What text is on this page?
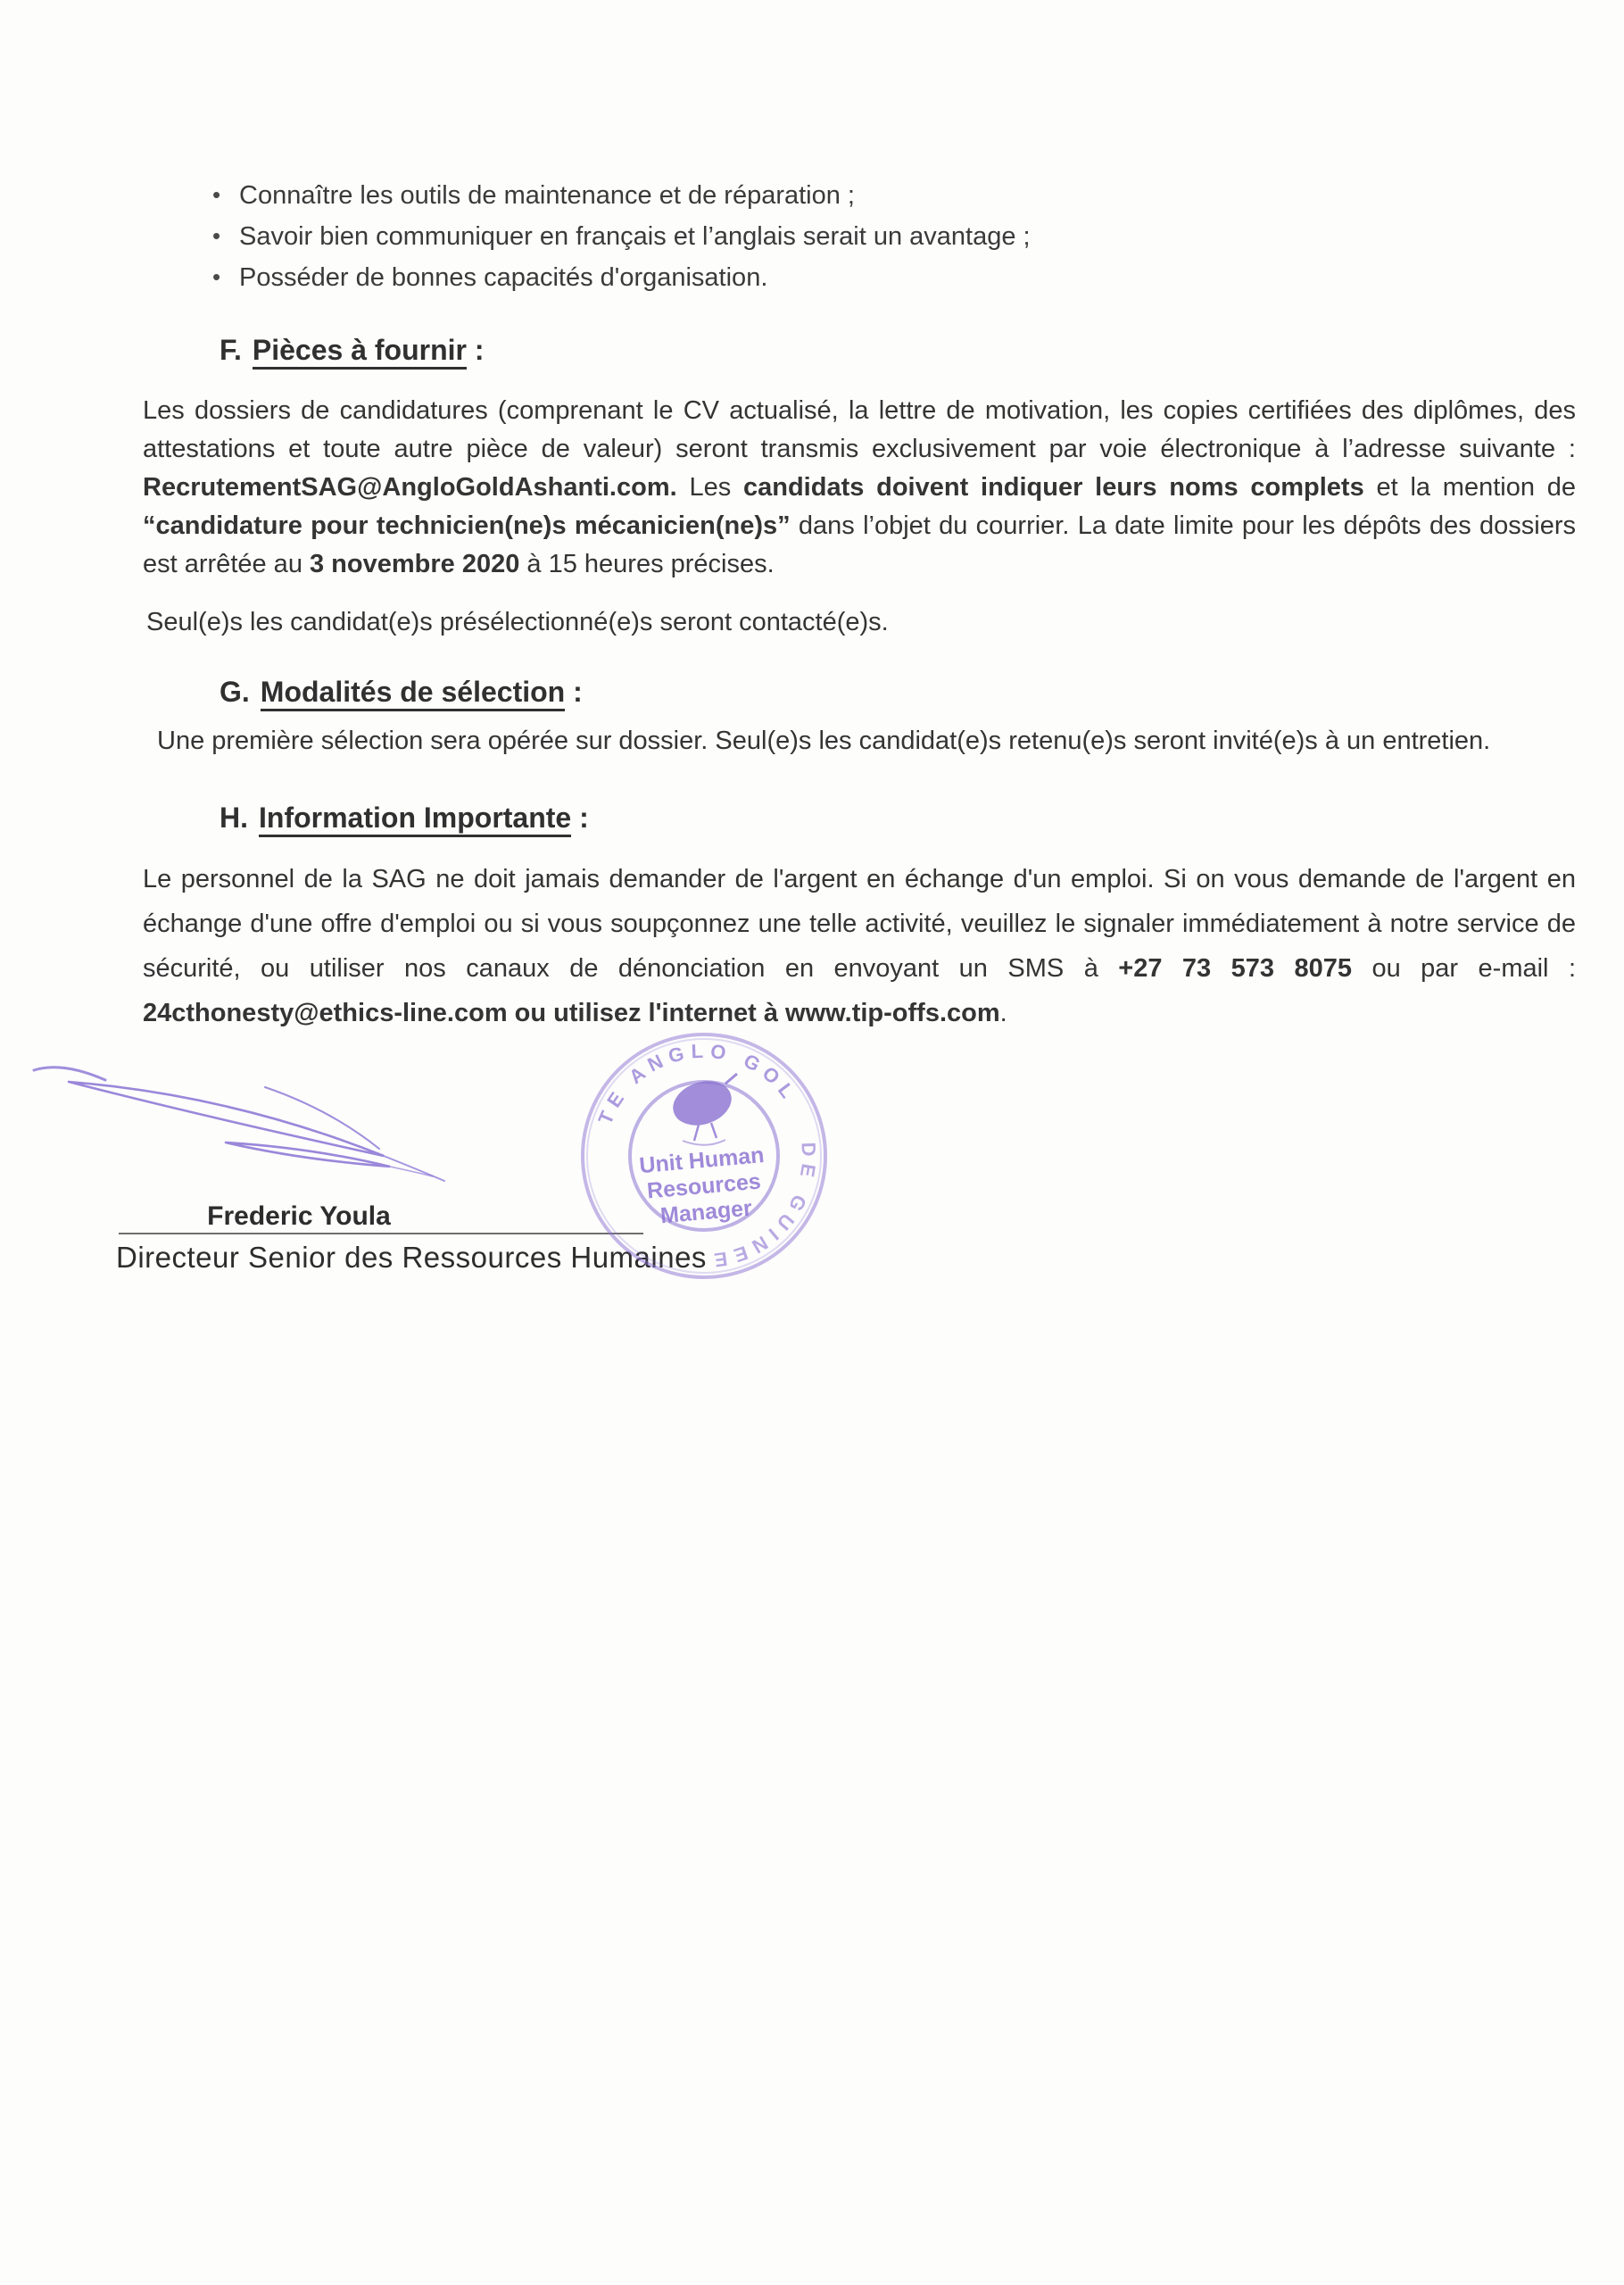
• Connaître les outils de maintenance et de réparation ;
• Savoir bien communiquer en français et l’anglais serait un avantage ;
• Posséder de bonnes capacités d'organisation.
F. Pièces à fournir :

Les dossiers de candidatures (comprenant le CV actualisé, la lettre de motivation, les copies certifiées des diplômes, des attestations et toute autre pièce de valeur) seront transmis exclusivement par voie électronique à l’adresse suivante : RecrutementSAG@AngloGoldAshanti.com. Les candidats doivent indiquer leurs noms complets et la mention de “candidature pour technicien(ne)s mécanicien(ne)s” dans l’objet du courrier. La date limite pour les dépôts des dossiers est arrêtée au 3 novembre 2020 à 15 heures précises.

Seul(e)s les candidat(e)s présélectionné(e)s seront contacté(e)s.

G. Modalités de sélection :

Une première sélection sera opérée sur dossier. Seul(e)s les candidat(e)s retenu(e)s seront invité(e)s à un entretien.

H. Information Importante :

Le personnel de la SAG ne doit jamais demander de l'argent en échange d'un emploi. Si on vous demande de l'argent en échange d'une offre d'emploi ou si vous soupçonnez une telle activité, veuillez le signaler immédiatement à notre service de sécurité, ou utiliser nos canaux de dénonciation en envoyant un SMS à +27 73 573 8075 ou par e-mail : 24cthonesty@ethics-line.com ou utilisez l'internet à www.tip-offs.com.

Frederic Youla
Directeur Senior des Ressources Humaines
TE ANGLO GOL
DE GUINEE
Unit Human
Resources
Manager
